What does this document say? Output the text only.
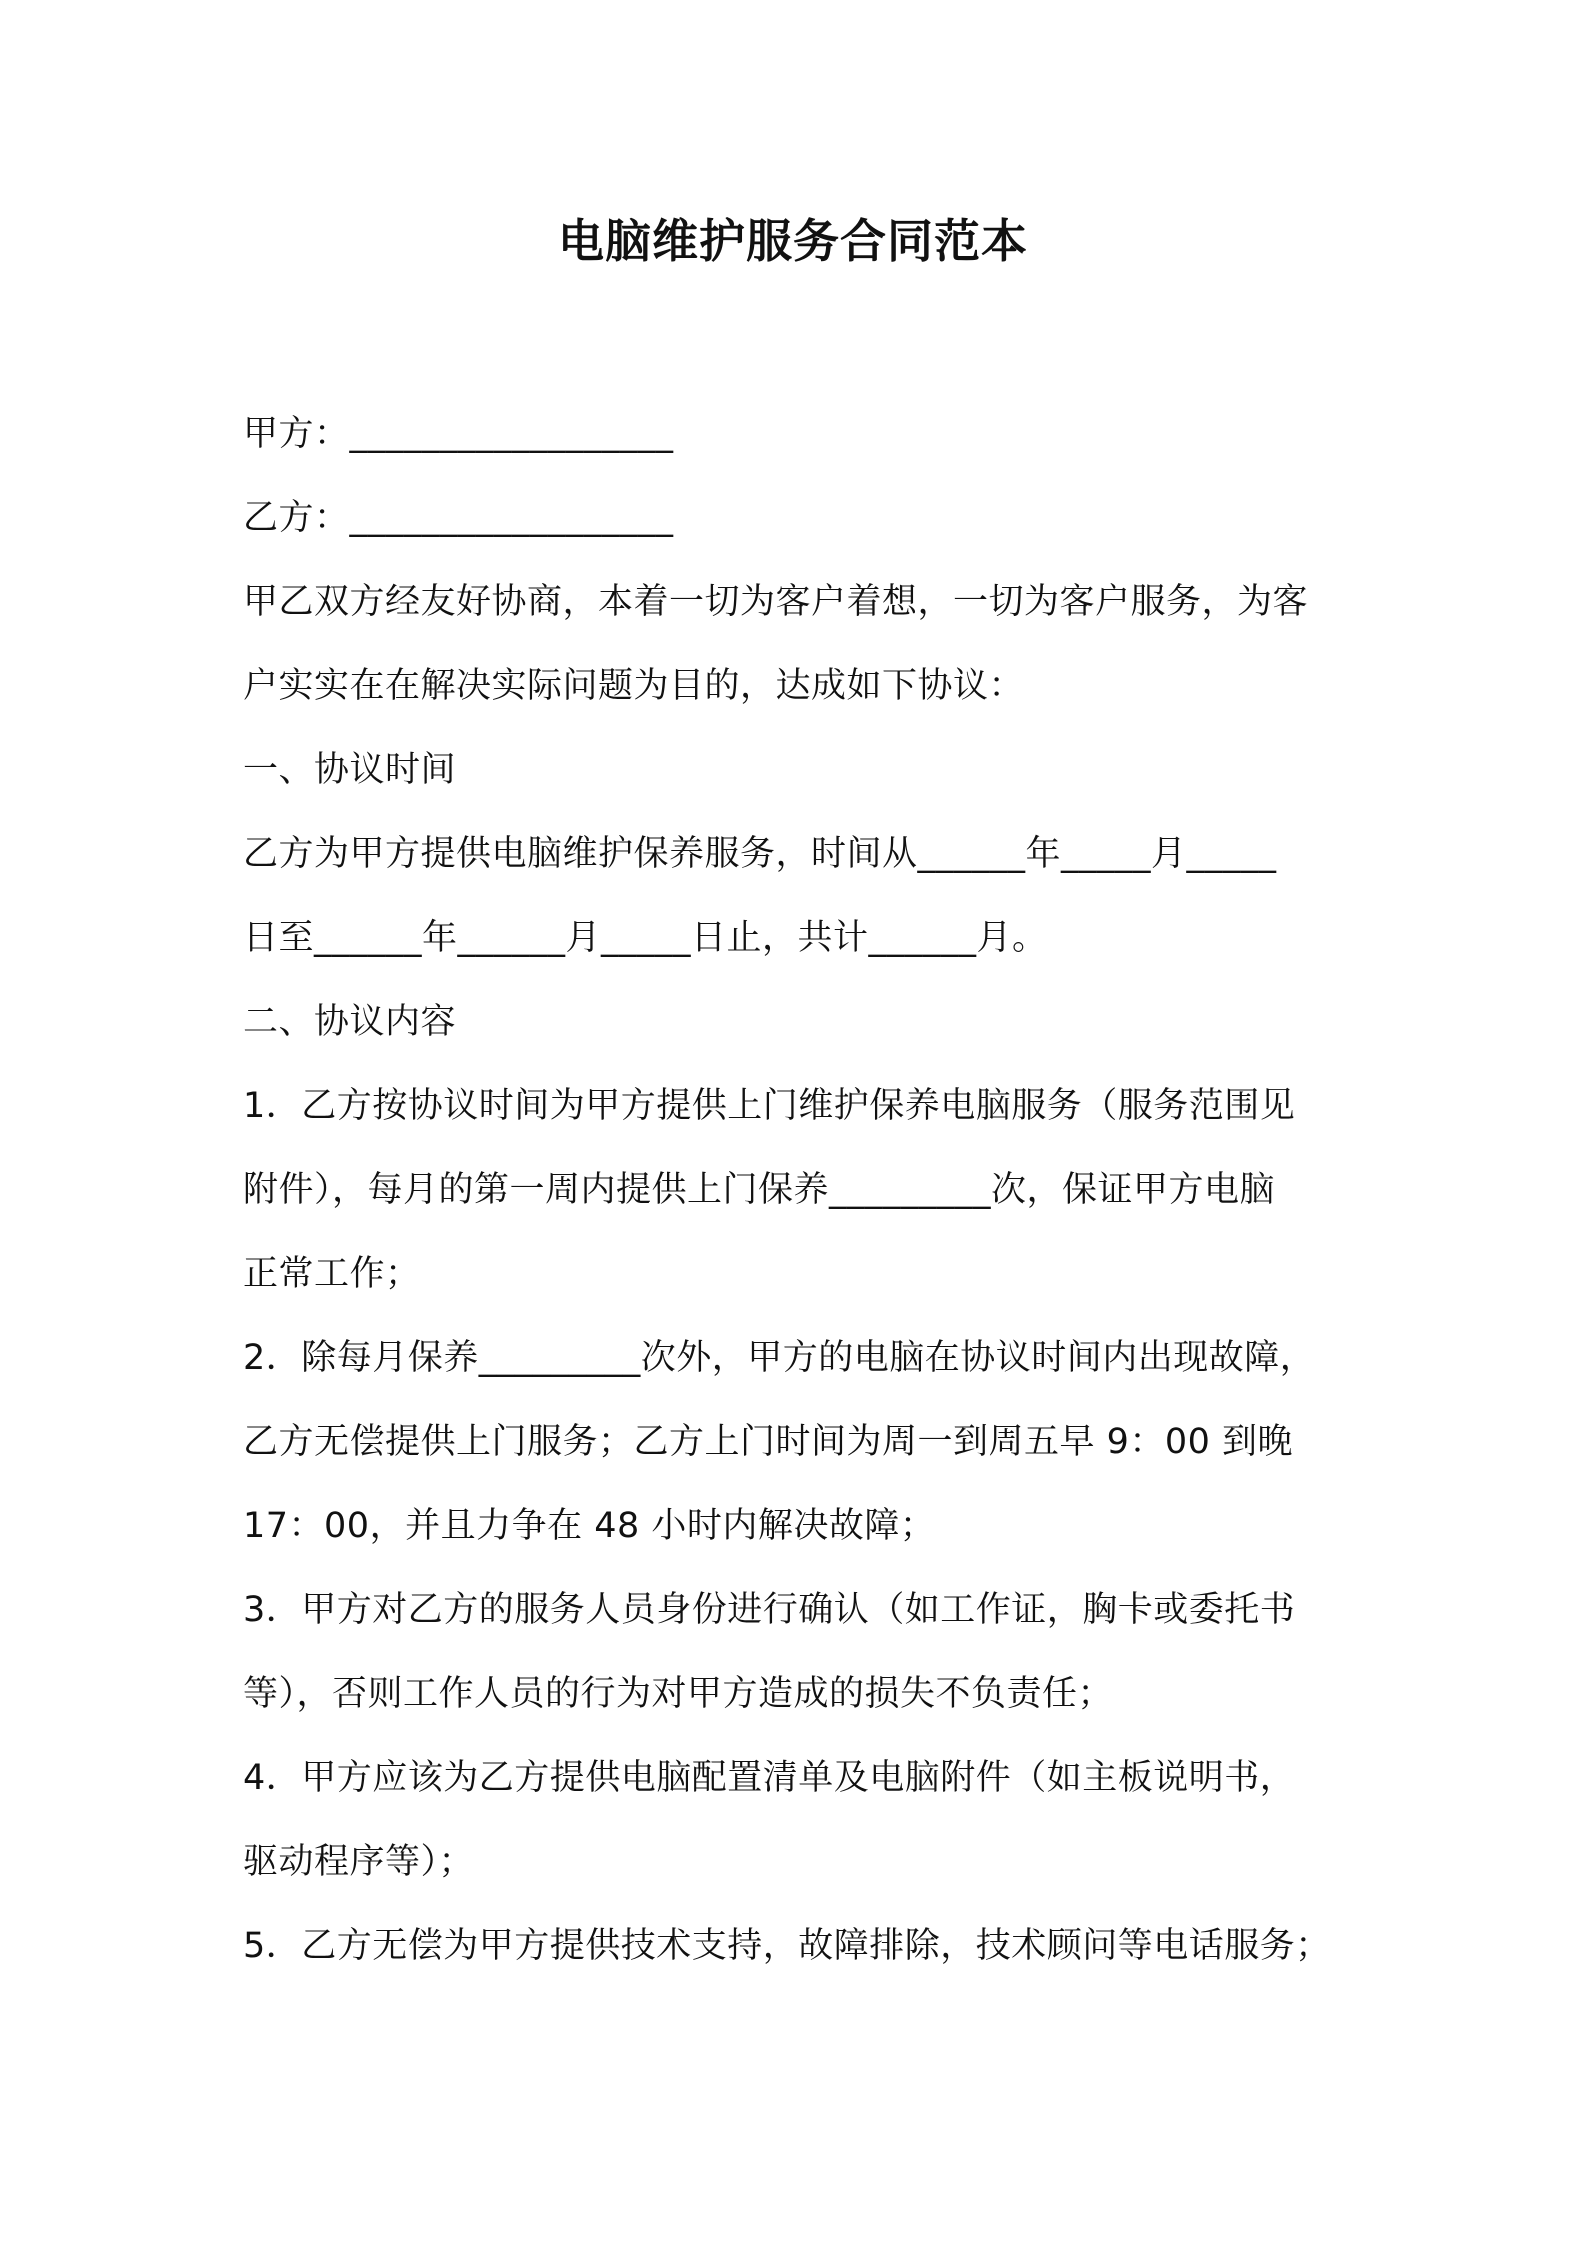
电脑维护服务合同范本
甲方：__________________
乙方：__________________
甲乙双方经友好协商，本着一切为客户着想，一切为客户服务，为客
户实实在在解决实际问题为目的，达成如下协议：
一、协议时间
乙方为甲方提供电脑维护保养服务，时间从______年_____月_____
日至______年______月_____日止，共计______月。
二、协议内容
1．乙方按协议时间为甲方提供上门维护保养电脑服务（服务范围见
附件），每月的第一周内提供上门保养_________次，保证甲方电脑
正常工作；
2．除每月保养_________次外，甲方的电脑在协议时间内出现故障，
乙方无偿提供上门服务；乙方上门时间为周一到周五早 9：00 到晚
17：00，并且力争在 48 小时内解决故障；
3．甲方对乙方的服务人员身份进行确认（如工作证，胸卡或委托书
等），否则工作人员的行为对甲方造成的损失不负责任；
4．甲方应该为乙方提供电脑配置清单及电脑附件（如主板说明书，
驱动程序等）；
5．乙方无偿为甲方提供技术支持，故障排除，技术顾问等电话服务；
